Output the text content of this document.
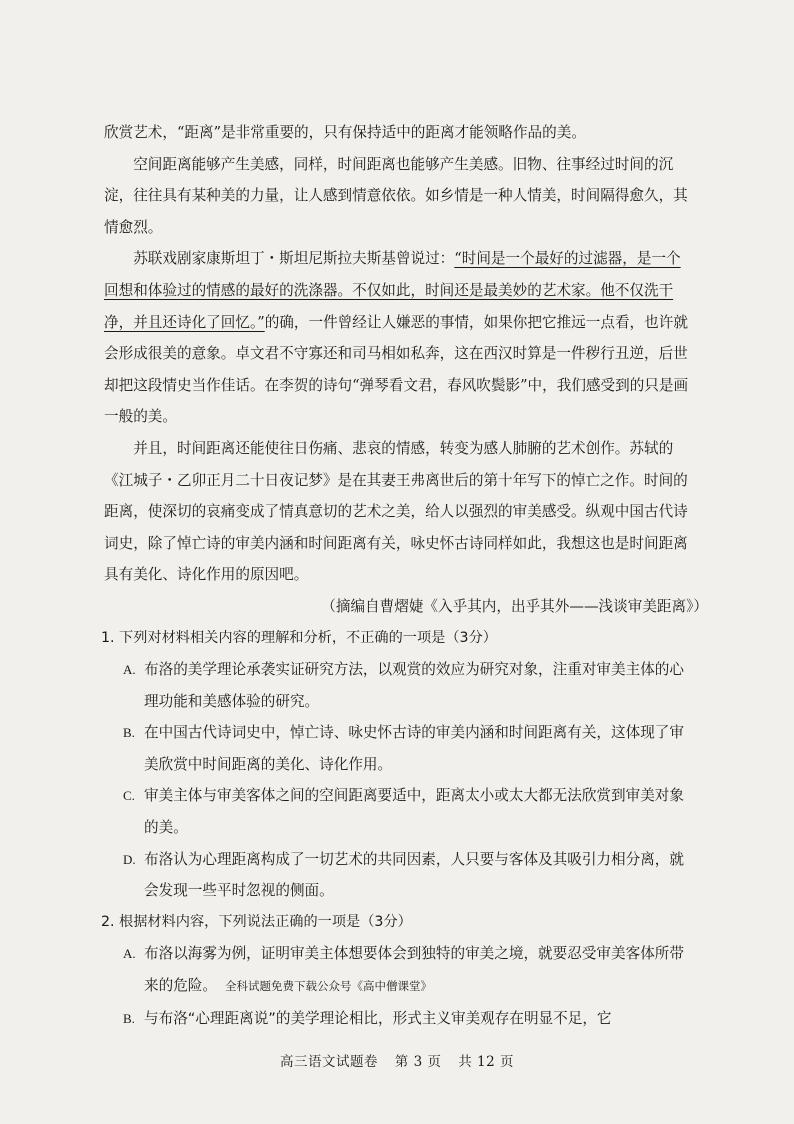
欣赏艺术，“距离”是非常重要的，只有保持适中的距离才能领略作品的美。

空间距离能够产生美感，同样，时间距离也能够产生美感。旧物、往事经过时间的沉淀，往往具有某种美的力量，让人感到情意依依。如乡情是一种人情美，时间隔得愈久，其情愈烈。

苏联戏剧家康斯坦丁・斯坦尼斯拉夫斯基曾说过：“时间是一个最好的过滤器，是一个回想和体验过的情感的最好的洗涤器。不仅如此，时间还是最美妙的艺术家。他不仅洗干净，并且还诗化了回忆。”的确，一件曾经让人嫌恶的事情，如果你把它推远一点看，也许就会形成很美的意象。卓文君不守寡还和司马相如私奔，这在西汉时算是一件秽行丑逆，后世却把这段情史当作佳话。在李贺的诗句“弹琴看文君，春风吹鬓影”中，我们感受到的只是画一般的美。

并且，时间距离还能使往日伤痛、悲哀的情感，转变为感人肺腑的艺术创作。苏轼的《江城子・乙卯正月二十日夜记梦》是在其妻王弗离世后的第十年写下的悼亡之作。时间的距离，使深切的哀痛变成了情真意切的艺术之美，给人以强烈的审美感受。纵观中国古代诗词史，除了悼亡诗的审美内涵和时间距离有关，咏史怀古诗同样如此，我想这也是时间距离具有美化、诗化作用的原因吧。

（摘编自曹熠婕《入乎其内，出乎其外——浅谈审美距离》）

1. 下列对材料相关内容的理解和分析，不正确的一项是（3分）

A. 布洛的美学理论承袭实证研究方法，以观赏的效应为研究对象，注重对审美主体的心理功能和美感体验的研究。

B. 在中国古代诗词史中，悼亡诗、咏史怀古诗的审美内涵和时间距离有关，这体现了审美欣赏中时间距离的美化、诗化作用。

C. 审美主体与审美客体之间的空间距离要适中，距离太小或太大都无法欣赏到审美对象的美。

D. 布洛认为心理距离构成了一切艺术的共同因素，人只要与客体及其吸引力相分离，就会发现一些平时忽视的侧面。

2. 根据材料内容，下列说法正确的一项是（3分）

A. 布洛以海雾为例，证明审美主体想要体会到独特的审美之境，就要忍受审美客体所带来的危险。 全科试题免费下载公众号《高中僧课堂》

B. 与布洛“心理距离说”的美学理论相比，形式主义审美观存在明显不足，它

高三语文试题卷 第 3 页 共 12 页
